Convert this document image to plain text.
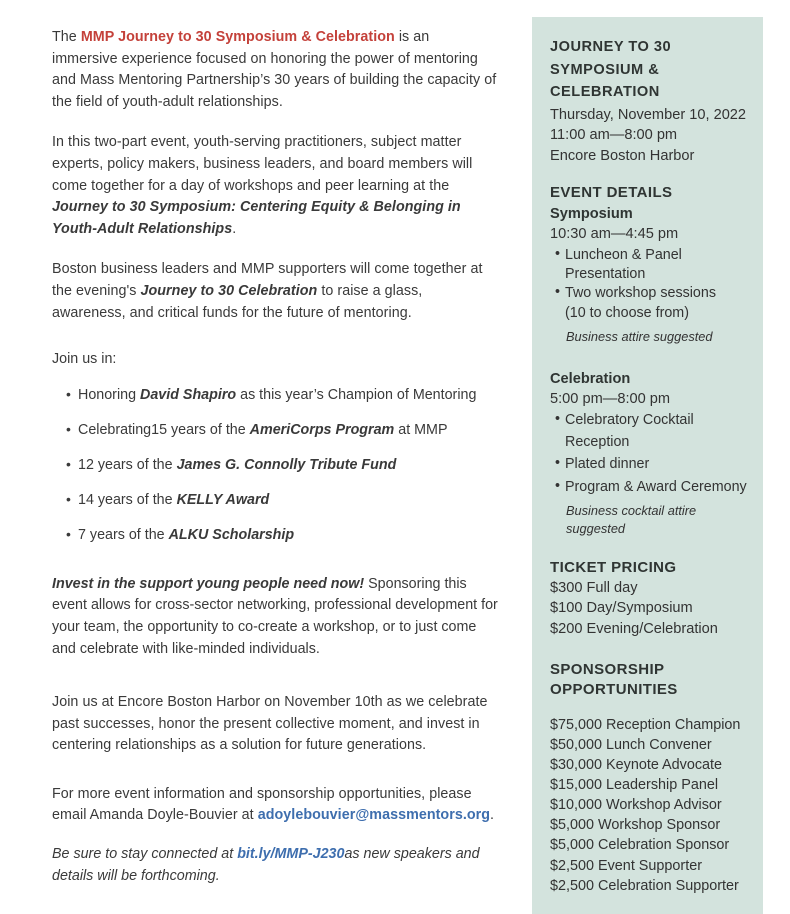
The MMP Journey to 30 Symposium & Celebration is an immersive experience focused on honoring the power of mentoring and Mass Mentoring Partnership’s 30 years of building the capacity of the field of youth-adult relationships.

In this two-part event, youth-serving practitioners, subject matter experts, policy makers, business leaders, and board members will come together for a day of workshops and peer learning at the Journey to 30 Symposium: Centering Equity & Belonging in Youth-Adult Relationships.

Boston business leaders and MMP supporters will come together at the evening's Journey to 30 Celebration to raise a glass, awareness, and critical funds for the future of mentoring.

Join us in:

• Honoring David Shapiro as this year’s Champion of Mentoring
• Celebrating15 years of the AmeriCorps Program at MMP
• 12 years of the James G. Connolly Tribute Fund
• 14 years of the KELLY Award
• 7 years of the ALKU Scholarship

Invest in the support young people need now! Sponsoring this event allows for cross-sector networking, professional development for your team, the opportunity to co-create a workshop, or to just come and celebrate with like-minded individuals.

Join us at Encore Boston Harbor on November 10th as we celebrate past successes, honor the present collective moment, and invest in centering relationships as a solution for future generations.

For more event information and sponsorship opportunities, please email Amanda Doyle-Bouvier at adoylebouvier@massmentors.org.

Be sure to stay connected at bit.ly/MMP-J230as new speakers and details will be forthcoming.

JOURNEY TO 30
SYMPOSIUM &
CELEBRATION

Thursday, November 10, 2022

11:00 am—8:00 pm

Encore Boston Harbor

EVENT DETAILS
Symposium

10:30 am—4:45 pm

• Luncheon & Panel Presentation
• Two workshop sessions
(10 to choose from)

Business attire suggested

Celebration

5:00 pm—8:00 pm

• Celebratory Cocktail
Reception
• Plated dinner
• Program & Award Ceremony

Business cocktail attire suggested

TICKET PRICING

$300 Full day

$100 Day/Symposium

$200 Evening/Celebration

SPONSORSHIP
OPPORTUNITIES

$75,000 Reception Champion

$50,000 Lunch Convener

$30,000 Keynote Advocate

$15,000 Leadership Panel

$10,000 Workshop Advisor

$5,000 Workshop Sponsor

$5,000 Celebration Sponsor

$2,500 Event Supporter

$2,500 Celebration Supporter
